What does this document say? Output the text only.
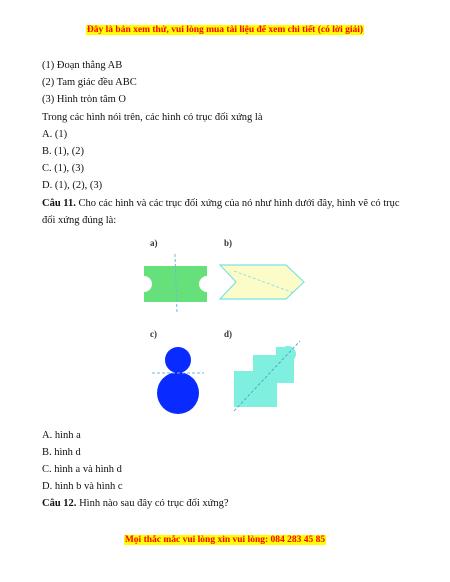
Đây là bản xem thử, vui lòng mua tài liệu để xem chi tiết (có lời giải)
(1) Đoạn thẳng AB
(2) Tam giác đều ABC
(3) Hình tròn tâm O
Trong các hình nói trên, các hình có trục đối xứng là
A. (1)
B. (1), (2)
C. (1), (3)
D. (1), (2), (3)
Câu 11. Cho các hình và các trục đối xứng của nó như hình dưới đây, hình vẽ có trục đối xứng đúng là:
a)	b)
c)	d)
A. hình a
B. hình d
C. hình a và hình d
D. hình b và hình c
Câu 12. Hình nào sau đây có trục đối xứng?
Mọi thắc mắc vui lòng xin vui lòng: 084 283 45 85
